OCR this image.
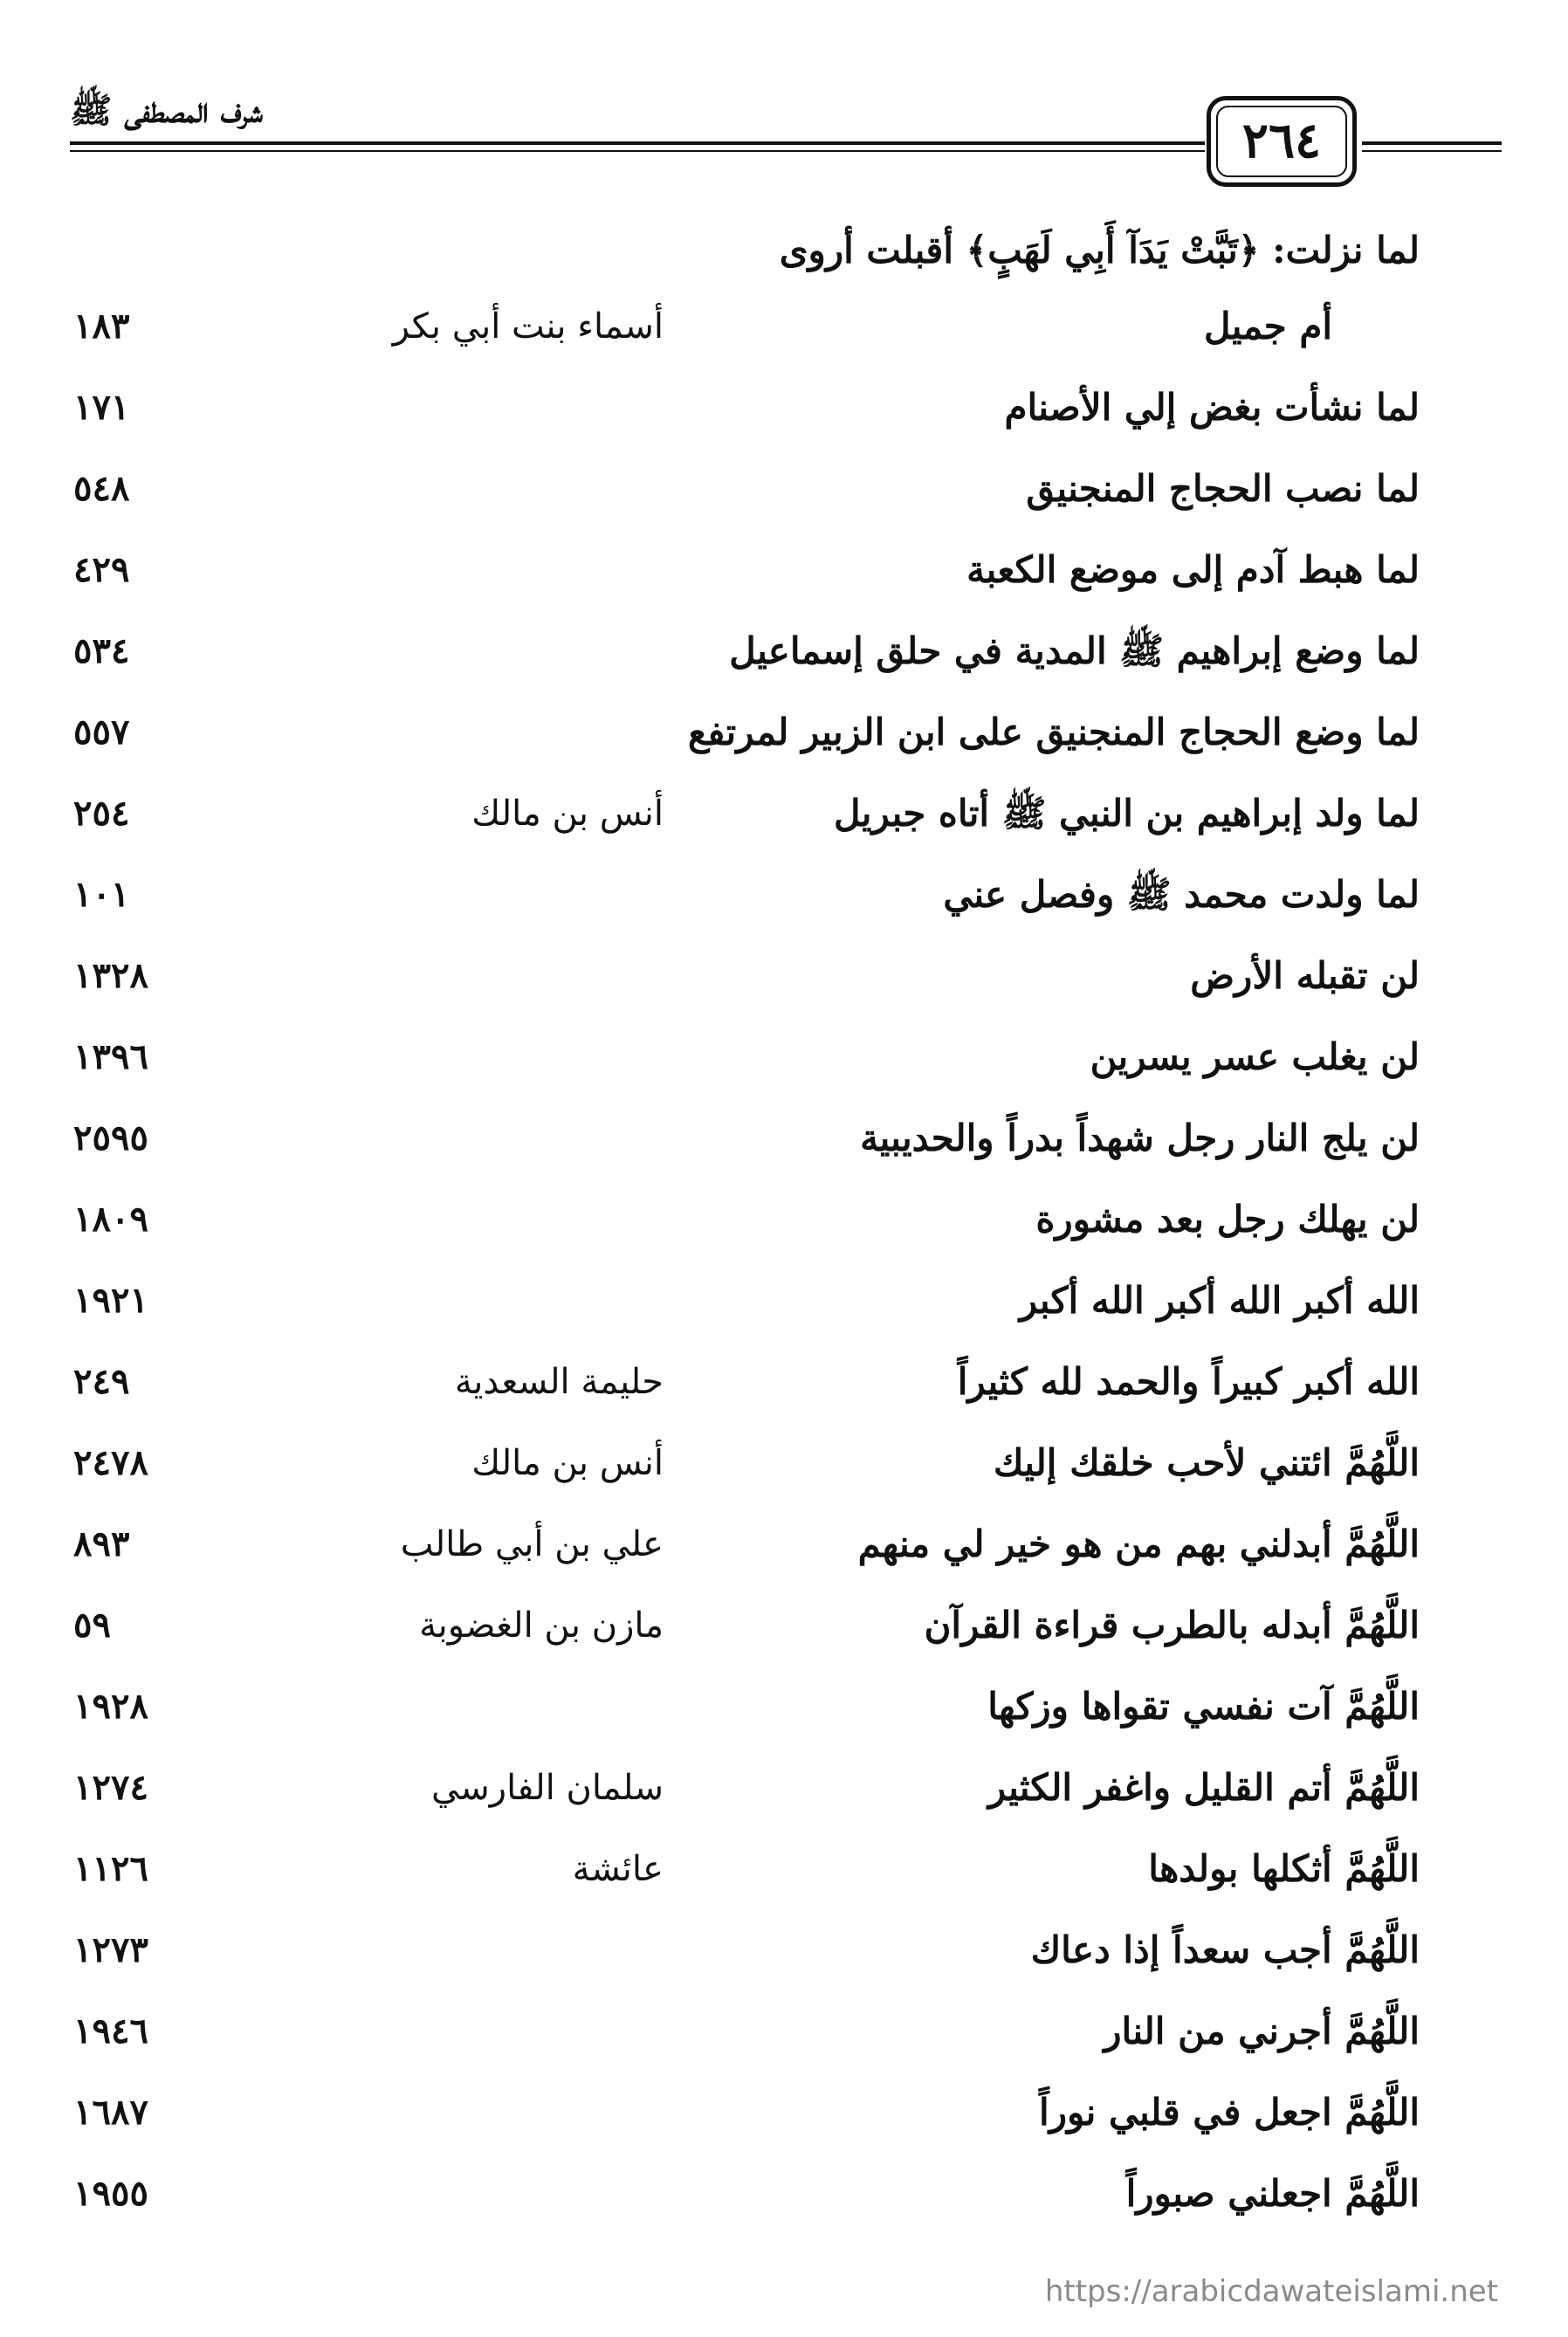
شرف المصطفى ﷺ
٢٦٤
لما نزلت: ﴿تَبَّتْ يَدَآ أَبِي لَهَبٍ﴾ أقبلت أروى
أم جميل
أسماء بنت أبي بكر
١٨٣
لما نشأت بغض إلي الأصنام
١٧١
لما نصب الحجاج المنجنيق
٥٤٨
لما هبط آدم إلى موضع الكعبة
٤٢٩
لما وضع إبراهيم ﷺ المدية في حلق إسماعيل
٥٣٤
لما وضع الحجاج المنجنيق على ابن الزبير لمرتفع
٥٥٧
لما ولد إبراهيم بن النبي ﷺ أتاه جبريل
أنس بن مالك
٢٥٤
لما ولدت محمد ﷺ وفصل عني
١٠١
لن تقبله الأرض
١٣٢٨
لن يغلب عسر يسرين
١٣٩٦
لن يلج النار رجل شهداً بدراً والحديبية
٢٥٩٥
لن يهلك رجل بعد مشورة
١٨٠٩
الله أكبر الله أكبر الله أكبر
١٩٢١
الله أكبر كبيراً والحمد لله كثيراً
حليمة السعدية
٢٤٩
اللَّهُمَّ ائتني لأحب خلقك إليك
أنس بن مالك
٢٤٧٨
اللَّهُمَّ أبدلني بهم من هو خير لي منهم
علي بن أبي طالب
٨٩٣
اللَّهُمَّ أبدله بالطرب قراءة القرآن
مازن بن الغضوبة
٥٩
اللَّهُمَّ آت نفسي تقواها وزكها
١٩٢٨
اللَّهُمَّ أتم القليل واغفر الكثير
سلمان الفارسي
١٢٧٤
اللَّهُمَّ أثكلها بولدها
عائشة
١١٢٦
اللَّهُمَّ أجب سعداً إذا دعاك
١٢٧٣
اللَّهُمَّ أجرني من النار
١٩٤٦
اللَّهُمَّ اجعل في قلبي نوراً
١٦٨٧
اللَّهُمَّ اجعلني صبوراً
١٩٥٥
https://arabicdawateislami.net
